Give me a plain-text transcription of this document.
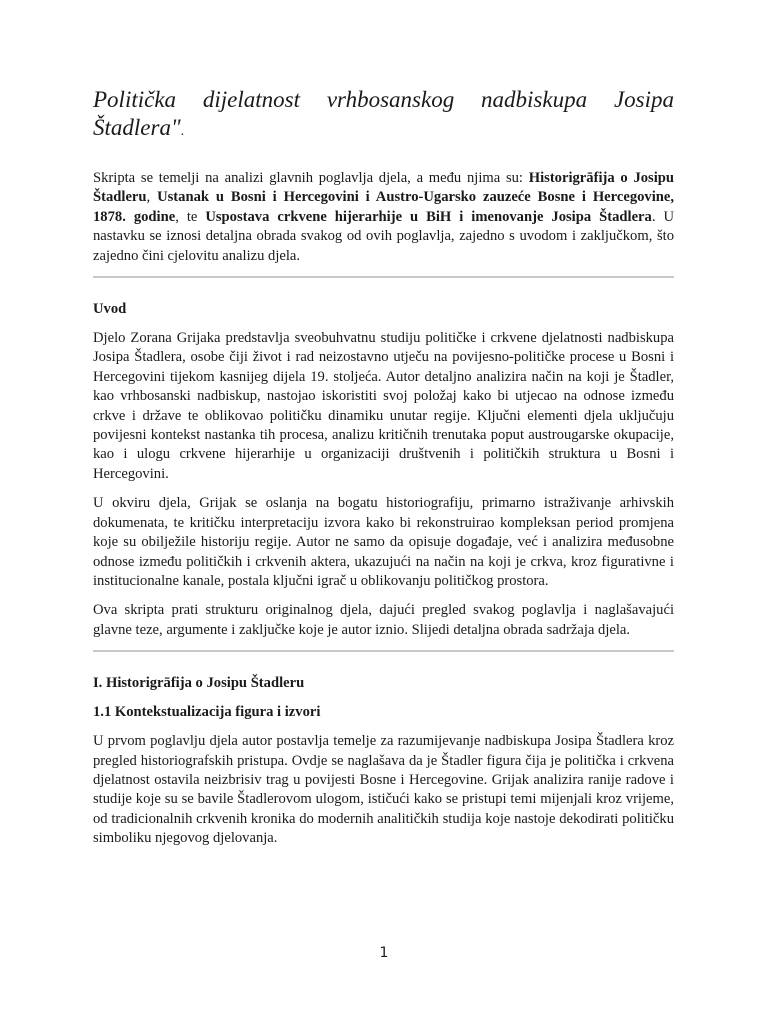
Politička dijelatnost vrhbosanskog nadbiskupa Josipa Štadlera".

Skripta se temelji na analizi glavnih poglavlja djela, a među njima su: Historigrāfija o Josipu Štadleru, Ustanak u Bosni i Hercegovini i Austro-Ugarsko zauzeće Bosne i Hercegovine, 1878. godine, te Uspostava crkvene hijerarhije u BiH i imenovanje Josipa Štadlera. U nastavku se iznosi detaljna obrada svakog od ovih poglavlja, zajedno s uvodom i zaključkom, što zajedno čini cjelovitu analizu djela.

Uvod

Djelo Zorana Grijaka predstavlja sveobuhvatnu studiju političke i crkvene djelatnosti nadbiskupa Josipa Štadlera, osobe čiji život i rad neizostavno utječu na povijesno-političke procese u Bosni i Hercegovini tijekom kasnijeg dijela 19. stoljeća. Autor detaljno analizira način na koji je Štadler, kao vrhbosanski nadbiskup, nastojao iskoristiti svoj položaj kako bi utjecao na odnose između crkve i države te oblikovao političku dinamiku unutar regije. Ključni elementi djela uključuju povijesni kontekst nastanka tih procesa, analizu kritičnih trenutaka poput austrougarske okupacije, kao i ulogu crkvene hijerarhije u organizaciji društvenih i političkih struktura u Bosni i Hercegovini.

U okviru djela, Grijak se oslanja na bogatu historiografiju, primarno istraživanje arhivskih dokumenata, te kritičku interpretaciju izvora kako bi rekonstruirao kompleksan period promjena koje su obilježile historiju regije. Autor ne samo da opisuje događaje, već i analizira međusobne odnose između političkih i crkvenih aktera, ukazujući na način na koji je crkva, kroz figurativne i institucionalne kanale, postala ključni igrač u oblikovanju političkog prostora.

Ova skripta prati strukturu originalnog djela, dajući pregled svakog poglavlja i naglašavajući glavne teze, argumente i zaključke koje je autor iznio. Slijedi detaljna obrada sadržaja djela.

I. Historigrāfija o Josipu Štadleru
1.1 Kontekstualizacija figura i izvori

U prvom poglavlju djela autor postavlja temelje za razumijevanje nadbiskupa Josipa Štadlera kroz pregled historiografskih pristupa. Ovdje se naglašava da je Štadler figura čija je politička i crkvena djelatnost ostavila neizbrisiv trag u povijesti Bosne i Hercegovine. Grijak analizira ranije radove i studije koje su se bavile Štadlerovom ulogom, ističući kako se pristupi temi mijenjali kroz vrijeme, od tradicionalnih crkvenih kronika do modernih analitičkih studija koje nastoje dekodirati političku simboliku njegovog djelovanja.

1
